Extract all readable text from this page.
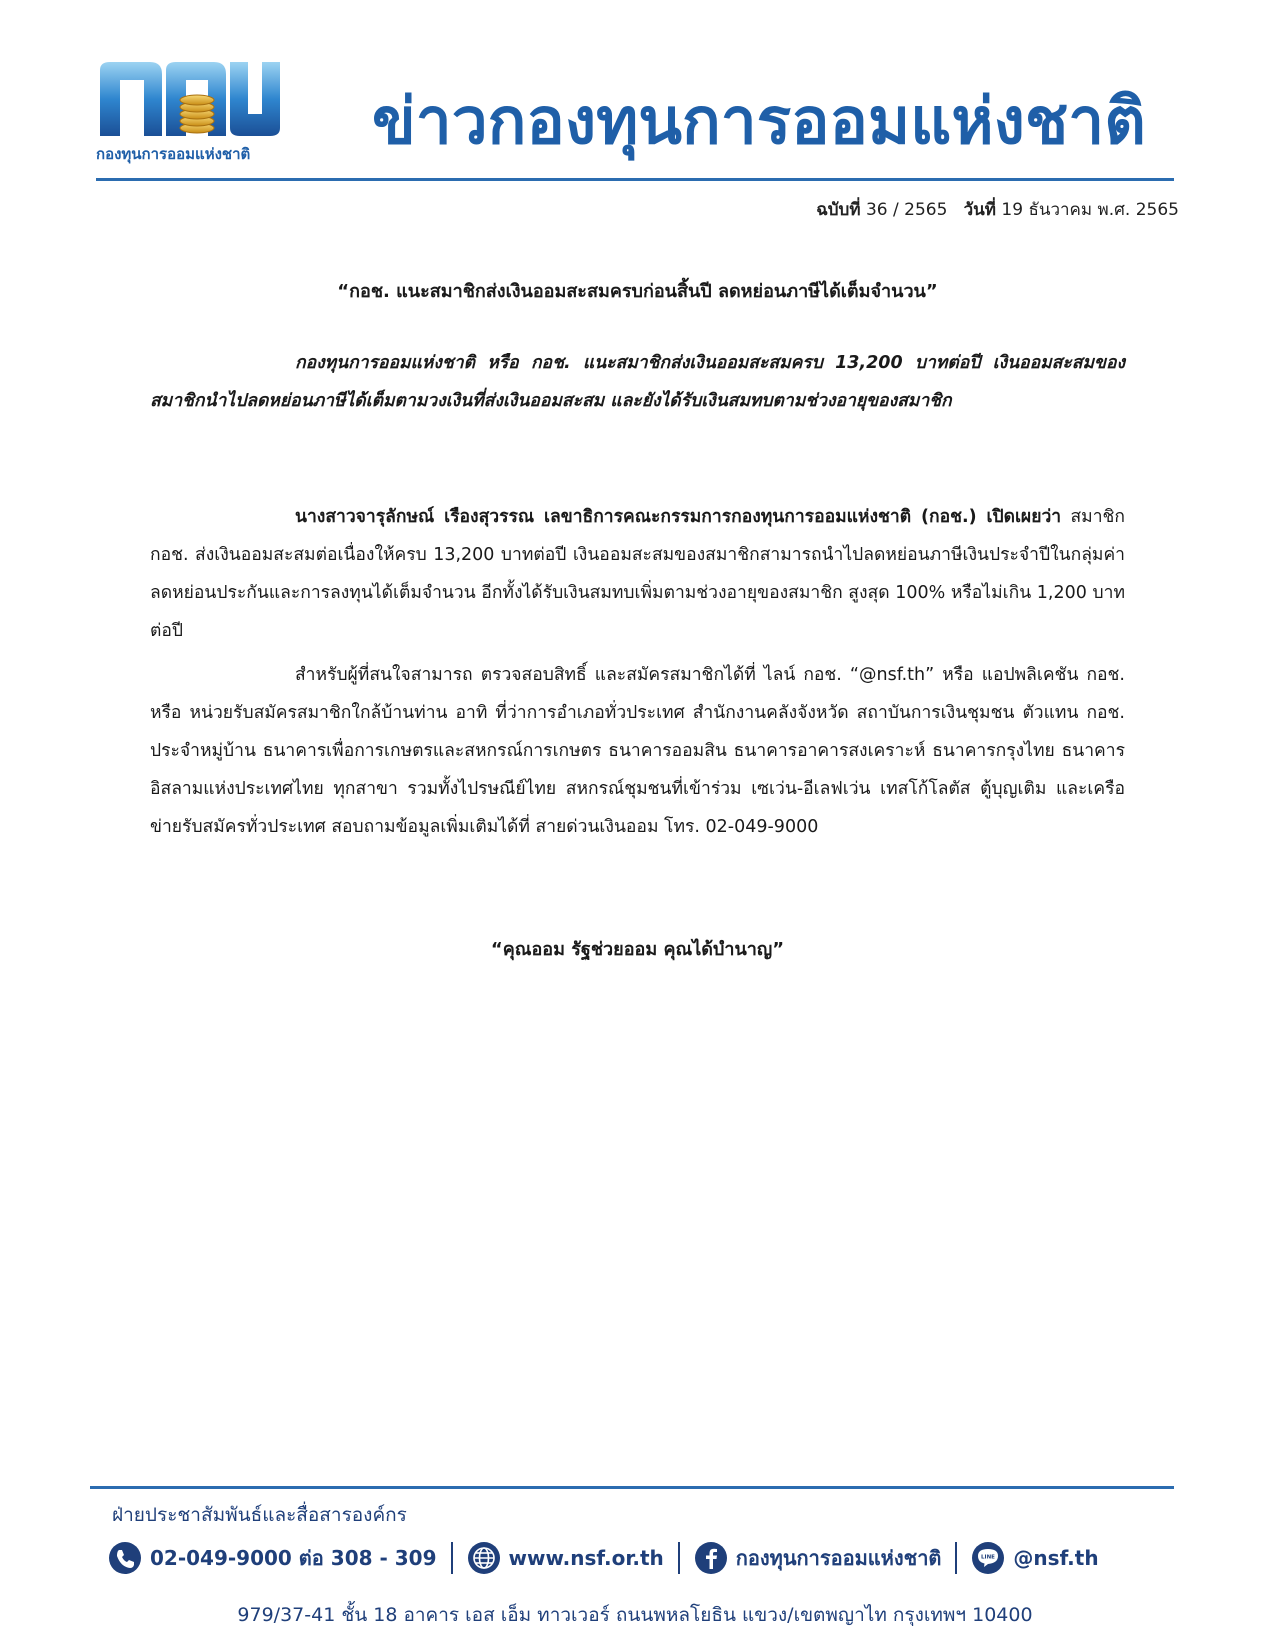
กองทุนการออมแห่งชาติ	ข่าวกองทุนการออมแห่งชาติ
ฉบับที่ 36 / 2565 วันที่ 19 ธันวาคม พ.ศ. 2565
“กอช. แนะสมาชิกส่งเงินออมสะสมครบก่อนสิ้นปี ลดหย่อนภาษีได้เต็มจำนวน”
กองทุนการออมแห่งชาติ หรือ กอช. แนะสมาชิกส่งเงินออมสะสมครบ 13,200 บาทต่อปี เงินออมสะสมของสมาชิกนำไปลดหย่อนภาษีได้เต็มตามวงเงินที่ส่งเงินออมสะสม และยังได้รับเงินสมทบตามช่วงอายุของสมาชิก
นางสาวจารุลักษณ์ เรืองสุวรรณ เลขาธิการคณะกรรมการกองทุนการออมแห่งชาติ (กอช.) เปิดเผยว่า สมาชิก กอช. ส่งเงินออมสะสมต่อเนื่องให้ครบ 13,200 บาทต่อปี เงินออมสะสมของสมาชิกสามารถนำไปลดหย่อนภาษีเงินประจำปีในกลุ่มค่าลดหย่อนประกันและการลงทุนได้เต็มจำนวน อีกทั้งได้รับเงินสมทบเพิ่มตามช่วงอายุของสมาชิก สูงสุด 100% หรือไม่เกิน 1,200 บาทต่อปี
สำหรับผู้ที่สนใจสามารถ ตรวจสอบสิทธิ์ และสมัครสมาชิกได้ที่ ไลน์ กอช. “@nsf.th” หรือ แอปพลิเคชัน กอช. หรือ หน่วยรับสมัครสมาชิกใกล้บ้านท่าน อาทิ ที่ว่าการอำเภอทั่วประเทศ สำนักงานคลังจังหวัด สถาบันการเงินชุมชน ตัวแทน กอช. ประจำหมู่บ้าน ธนาคารเพื่อการเกษตรและสหกรณ์การเกษตร ธนาคารออมสิน ธนาคารอาคารสงเคราะห์ ธนาคารกรุงไทย ธนาคารอิสลามแห่งประเทศไทย ทุกสาขา รวมทั้งไปรษณีย์ไทย สหกรณ์ชุมชนที่เข้าร่วม เซเว่น-อีเลฟเว่น เทสโก้โลตัส ตู้บุญเติม และเครือข่ายรับสมัครทั่วประเทศ สอบถามข้อมูลเพิ่มเติมได้ที่ สายด่วนเงินออม โทร. 02-049-9000
“คุณออม รัฐช่วยออม คุณได้บำนาญ”
ฝ่ายประชาสัมพันธ์และสื่อสารองค์กร
02-049-9000 ต่อ 308 - 309	www.nsf.or.th	กองทุนการออมแห่งชาติ	LINE @nsf.th
979/37-41 ชั้น 18 อาคาร เอส เอ็ม ทาวเวอร์ ถนนพหลโยธิน แขวง/เขตพญาไท กรุงเทพฯ 10400
